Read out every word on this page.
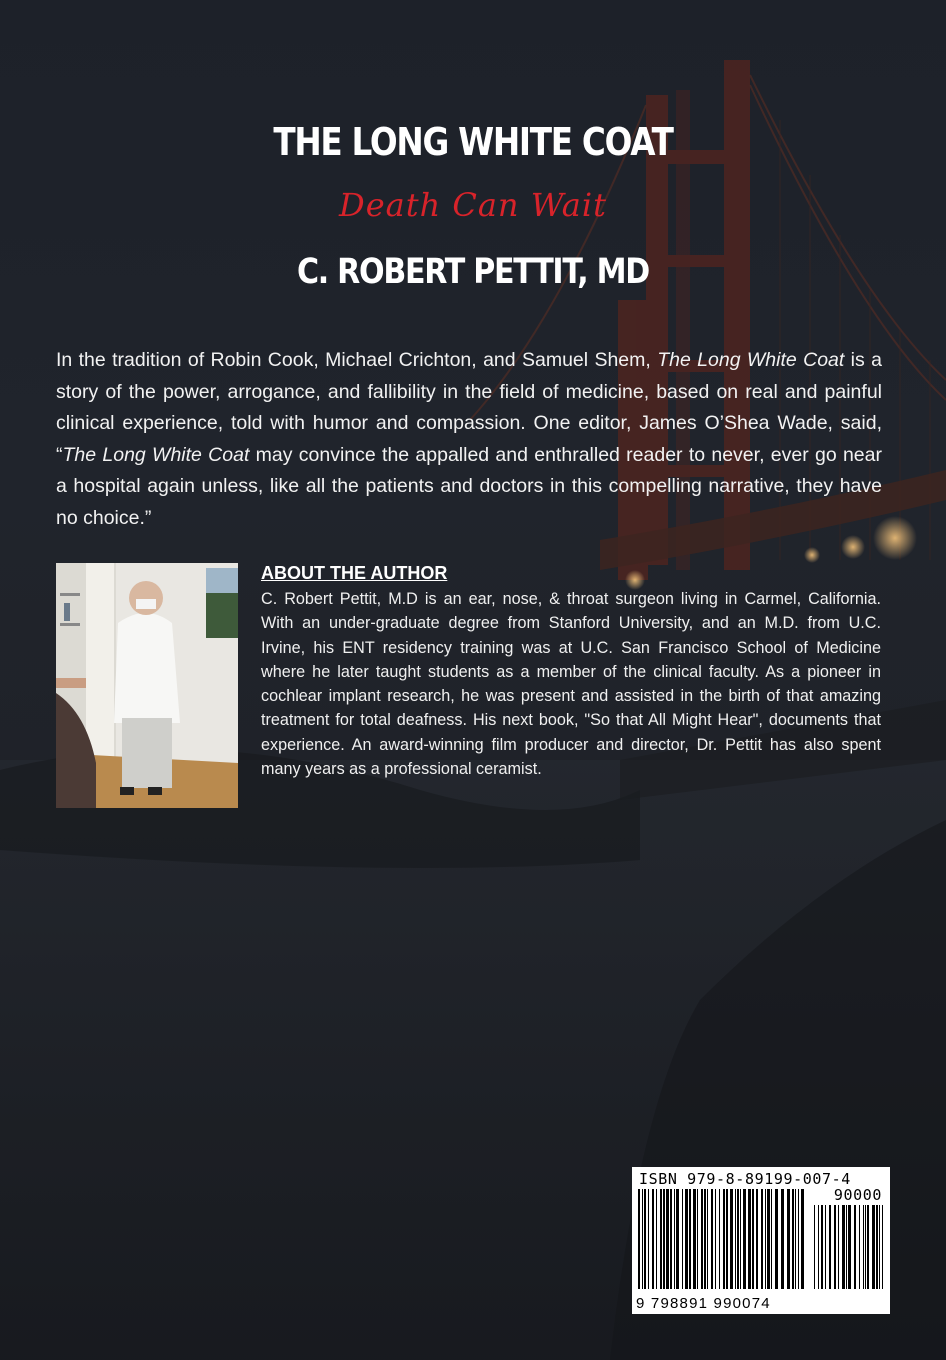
THE LONG WHITE COAT
Death Can Wait
C. ROBERT PETTIT, MD
In the tradition of Robin Cook, Michael Crichton, and Samuel Shem, The Long White Coat is a story of the power, arrogance, and fallibility in the field of medicine, based on real and painful clinical experience, told with humor and compassion. One editor, James O’Shea Wade, said, “The Long White Coat may convince the appalled and enthralled reader to never, ever go near a hospital again unless, like all the patients and doctors in this compelling narrative, they have no choice.”
ABOUT THE AUTHOR
C. Robert Pettit, M.D is an ear, nose, & throat surgeon living in Carmel, California. With an under-graduate degree from Stanford University, and an M.D. from U.C. Irvine, his ENT residency training was at U.C. San Francisco School of Medicine where he later taught students as a member of the clinical faculty. As a pioneer in cochlear implant research, he was present and assisted in the birth of that amazing treatment for total deafness. His next book, "So that All Might Hear", documents that experience. An award-winning film producer and director, Dr. Pettit has also spent many years as a professional ceramist.
ISBN 979-8-89199-007-4
90000
9 798891 990074
